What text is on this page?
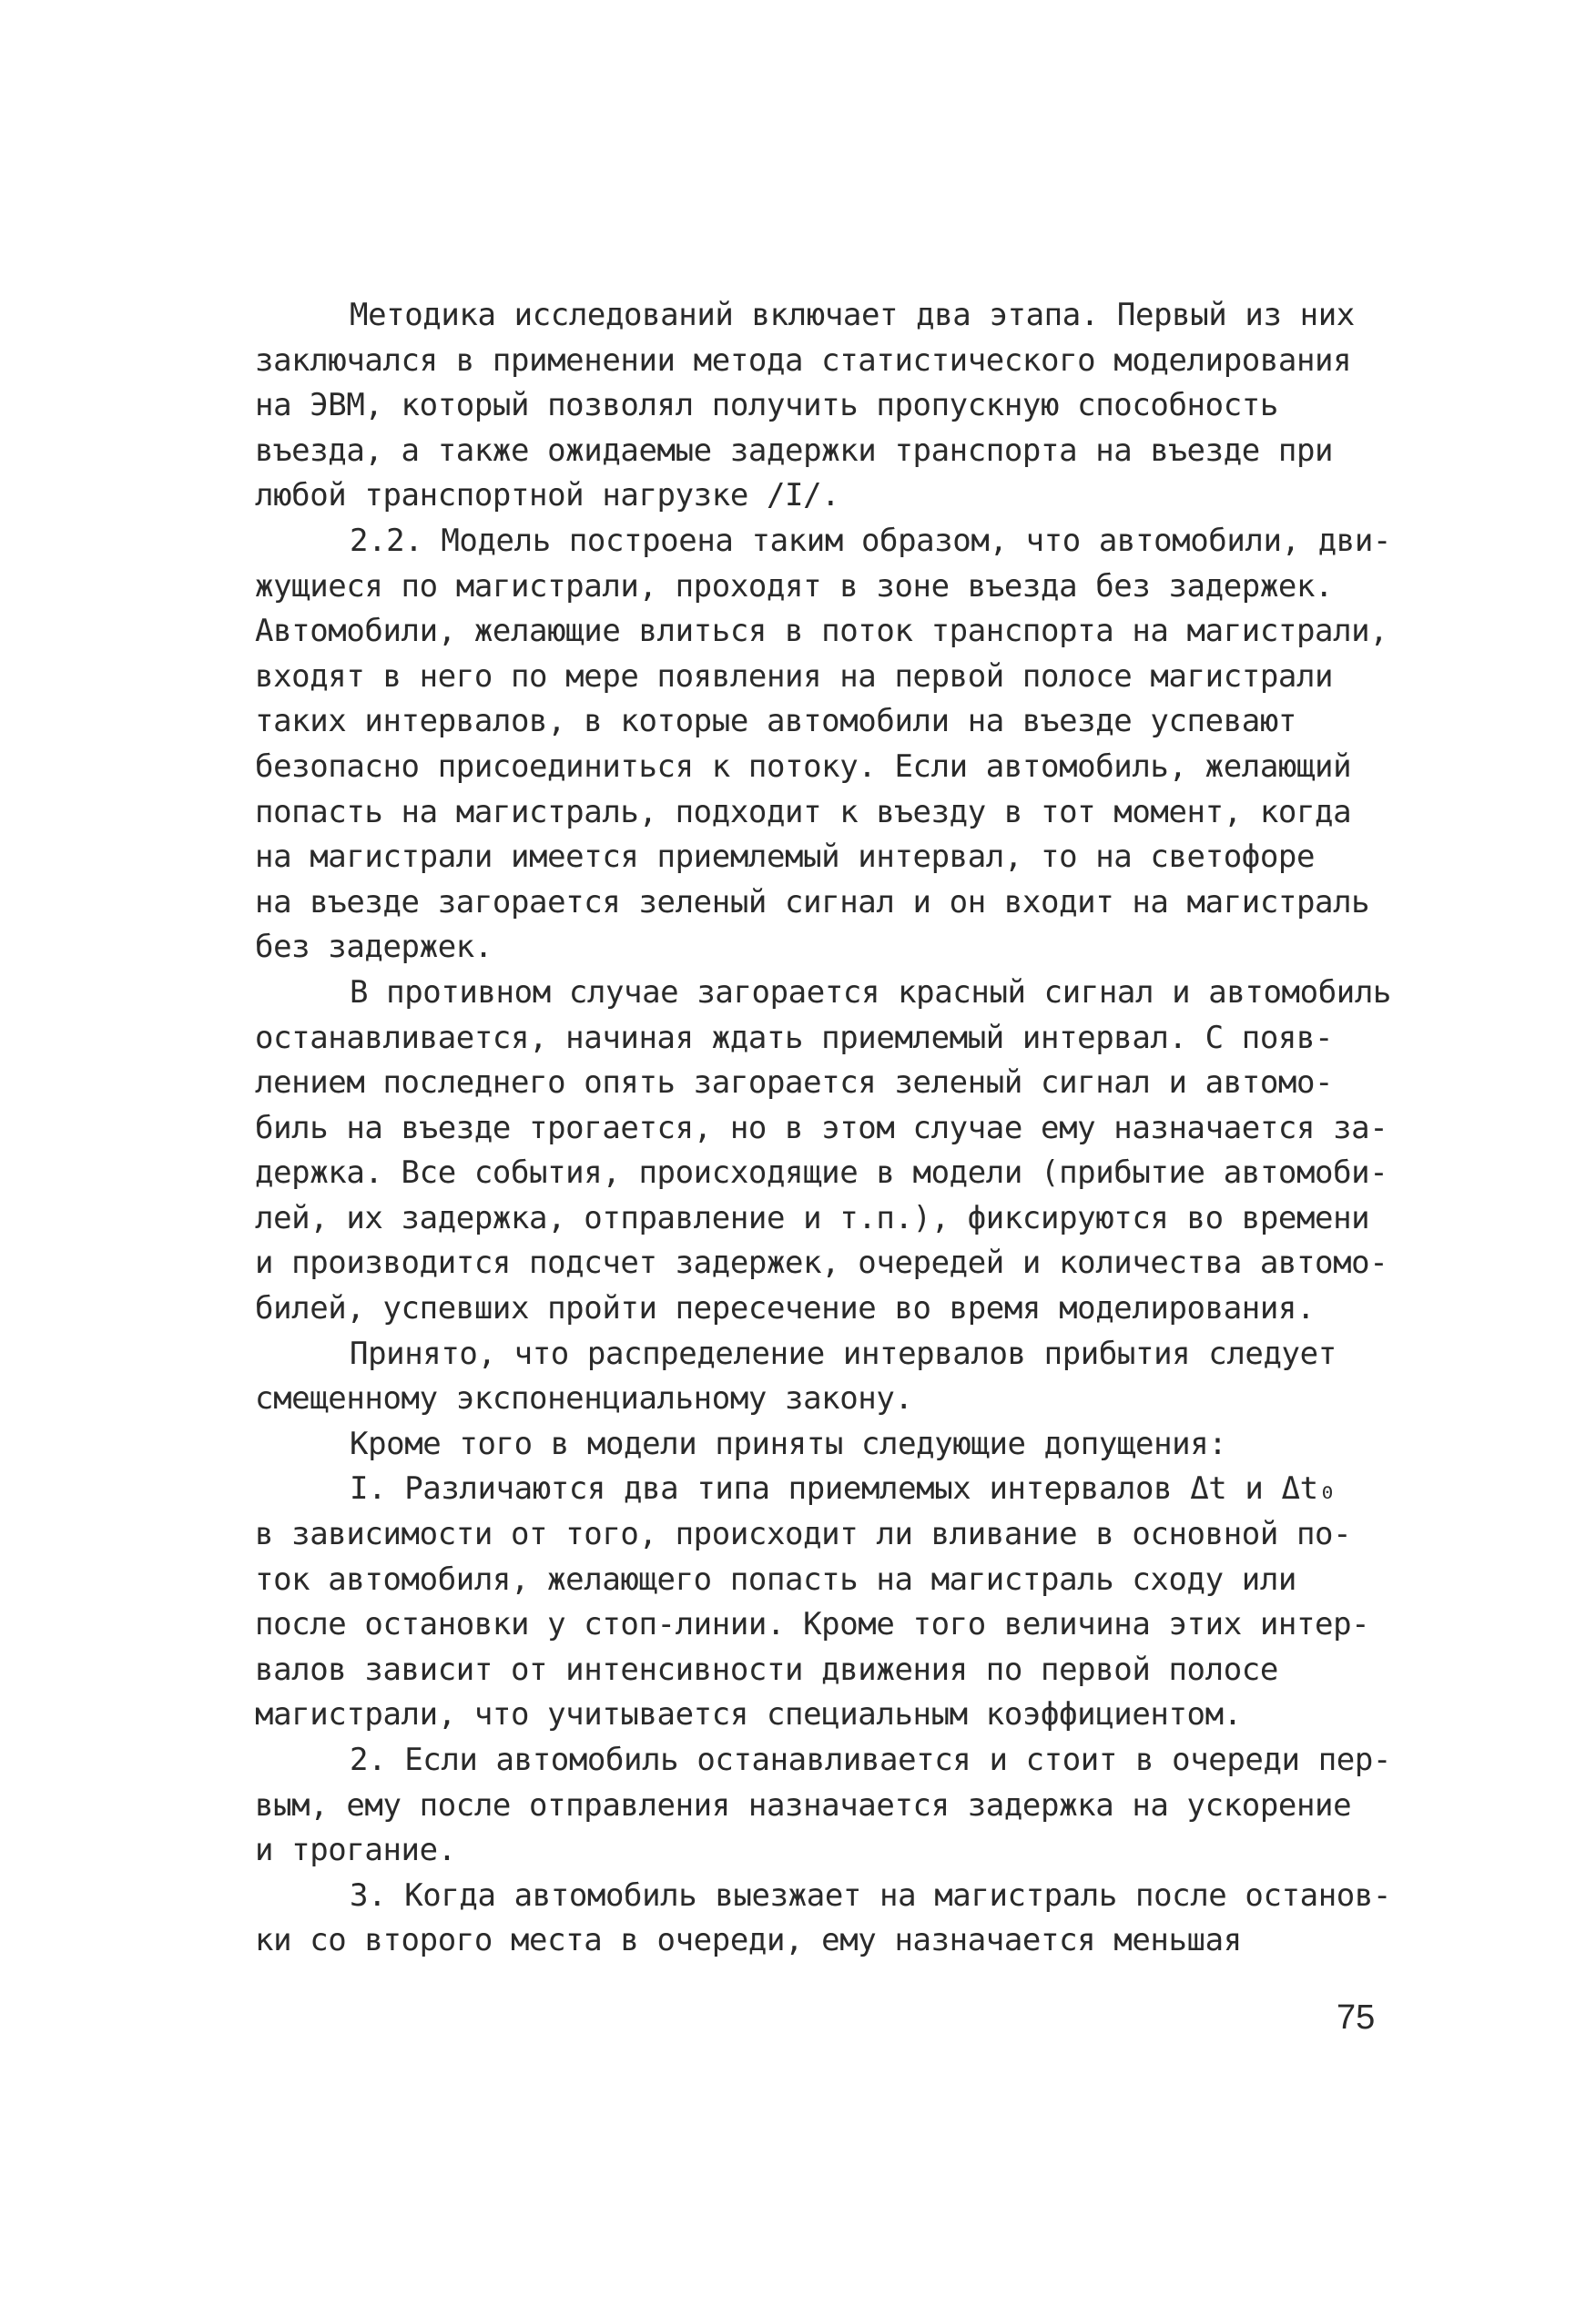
Методика исследований включает два этапа. Первый из них
заключался в применении метода статистического моделирования
на ЭВМ, который позволял получить пропускную способность
въезда, а также ожидаемые задержки транспорта на въезде при
любой транспортной нагрузке /I/.
2.2. Модель построена таким образом, что автомобили, дви-
жущиеся по магистрали, проходят в зоне въезда без задержек.
Автомобили, желающие влиться в поток транспорта на магистрали,
входят в него по мере появления на первой полосе магистрали
таких интервалов, в которые автомобили на въезде успевают
безопасно присоединиться к потоку. Если автомобиль, желающий
попасть на магистраль, подходит к въезду в тот момент, когда
на магистрали имеется приемлемый интервал, то на светофоре
на въезде загорается зеленый сигнал и он входит на магистраль
без задержек.
В противном случае загорается красный сигнал и автомобиль
останавливается, начиная ждать приемлемый интервал. С появ-
лением последнего опять загорается зеленый сигнал и автомо-
биль на въезде трогается, но в этом случае ему назначается за-
держка. Все события, происходящие в модели (прибытие автомоби-
лей, их задержка, отправление и т.п.), фиксируются во времени
и производится подсчет задержек, очередей и количества автомо-
билей, успевших пройти пересечение во время моделирования.
Принято, что распределение интервалов прибытия следует
смещенному экспоненциальному закону.
Кроме того в модели приняты следующие допущения:
I. Различаются два типа приемлемых интервалов Δt и Δt₀
в зависимости от того, происходит ли вливание в основной по-
ток автомобиля, желающего попасть на магистраль сходу или
после остановки у стоп-линии. Кроме того величина этих интер-
валов зависит от интенсивности движения по первой полосе
магистрали, что учитывается специальным коэффициентом.
2. Если автомобиль останавливается и стоит в очереди пер-
вым, ему после отправления назначается задержка на ускорение
и трогание.
3. Когда автомобиль выезжает на магистраль после останов-
ки со второго места в очереди, ему назначается меньшая
75
